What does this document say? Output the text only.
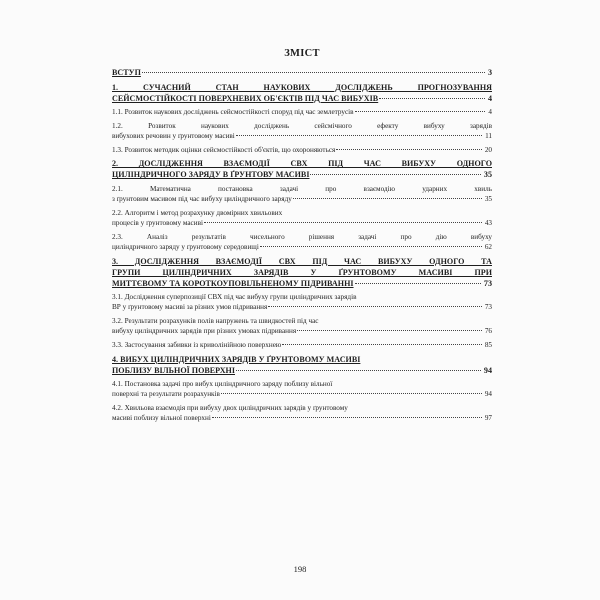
ЗМІСТ
ВСТУП	3
1. СУЧАСНИЙ СТАН НАУКОВИХ ДОСЛІДЖЕНЬ ПРОГНОЗУВАННЯ
СЕЙСМОСТІЙКОСТІ ПОВЕРХНЕВИХ ОБ'ЄКТІВ ПІД ЧАС ВИБУХІВ	4
1.1. Розвиток наукових досліджень сейсмостійкості споруд під час землетрусів	4
1.2. Розвиток наукових досліджень сейсмічного ефекту вибуху зарядів
вибухових речовин у ґрунтовому масиві	11
1.3. Розвиток методик оцінки сейсмостійкості об'єктів, що охороняються	20
2. ДОСЛІДЖЕННЯ ВЗАЄМОДІЇ СВХ ПІД ЧАС ВИБУХУ ОДНОГО
ЦИЛІНДРИЧНОГО ЗАРЯДУ В ҐРУНТОВУ МАСИВІ	35
2.1. Математична постановка задачі про взаємодію ударних хвиль
з ґрунтовим масивом під час вибуху циліндричного заряду	35
2.2. Алгоритм і метод розрахунку двомірних хвильових
процесів у ґрунтовому масиві	43
2.3. Аналіз результатів чисельного рішення задачі про дію вибуху
циліндричного заряду у ґрунтовому середовищі	62
3. ДОСЛІДЖЕННЯ ВЗАЄМОДІЇ СВХ ПІД ЧАС ВИБУХУ ОДНОГО ТА
ГРУПИ ЦИЛІНДРИЧНИХ ЗАРЯДІВ У ҐРУНТОВОМУ МАСИВІ ПРИ
МИТТЄВОМУ ТА КОРОТКОУПОВІЛЬНЕНОМУ ПІДРИВАННІ	73
3.1. Дослідження суперпозиції СВХ під час вибуху групи циліндричних зарядів
ВР у ґрунтовому масиві за різних умов підривання	73
3.2. Результати розрахунків полів напружень та швидкостей під час
вибуху циліндричних зарядів при різних умовах підривання	76
3.3. Застосування забивки із криволінійною поверхнею	85
4. ВИБУХ ЦИЛІНДРИЧНИХ ЗАРЯДІВ У ҐРУНТОВОМУ МАСИВІ
ПОБЛИЗУ ВІЛЬНОЇ ПОВЕРХНІ	94
4.1. Постановка задачі про вибух циліндричного заряду поблизу вільної
поверхні та результати розрахунків	94
4.2. Хвильова взаємодія при вибуху двох циліндричних зарядів у ґрунтовому
масиві поблизу вільної поверхні	97
198
